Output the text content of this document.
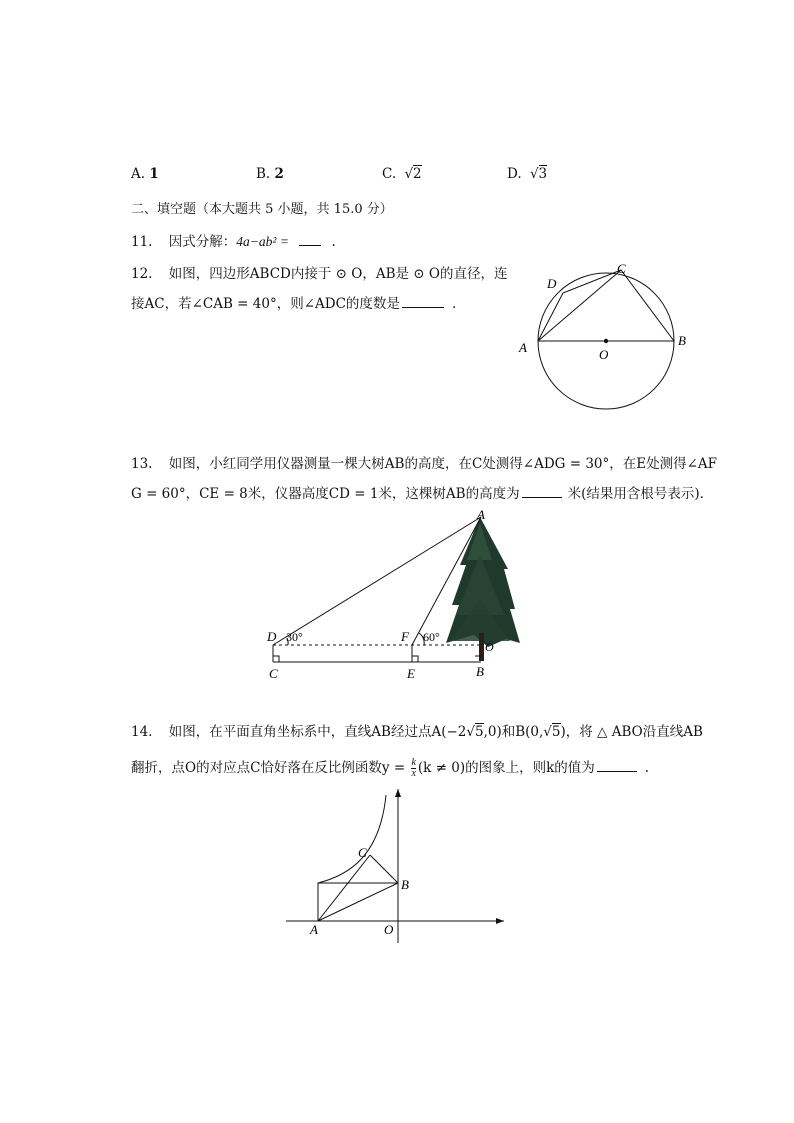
A. 1	B. 2	C. √2	D. √3
二、填空题（本大题共 5 小题，共 15.0 分）
11. 因式分解：4a−ab² =	.
12. 如图，四边形ABCD内接于 ⊙ O，AB是 ⊙ O的直径，连
接AC，若∠CAB = 40°，则∠ADC的度数是	.
A	B
C
D
O
13. 如图，小红同学用仪器测量一棵大树AB的高度，在C处测得∠ADG = 30°，在E处测得∠AF
G = 60°，CE = 8米，仪器高度CD = 1米，这棵树AB的高度为	米(结果用含根号表示)．
A
D 30°	F 60°
O
C	E	B
14. 如图，在平面直角坐标系中，直线AB经过点A(−2√5,0)和B(0,√5)，将 △ ABO沿直线AB
翻折，点O的对应点C恰好落在反比例函数$y = \frac{k}{x} (k \ne 0)$的图象上，则k的值为	.
A
B
C
O
